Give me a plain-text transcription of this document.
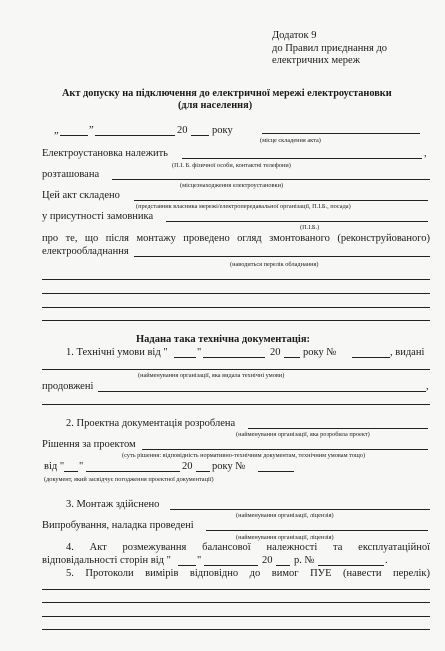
Додаток 9
до Правил приєднання до
електричних мереж
Акт допуску на підключення до електричної мережі електроустановки
(для населення)
„	”	20 року
(місце складення акта)
Електроустановка належить	,
(П.І. Б. фізичної особи, контактні телефони)
розташована
(місцезнаходження електроустановки)
Цей акт складено
(представник власника мережі/електропередавальної організації, П.І.Б., посада)
у присутності замовника
(П.І.Б.)
про те, що після монтажу проведено огляд змонтованого (реконструйованого)
електрообладнання
(наводиться перелік обладнання)
Надана така технічна документація:
1. Технічні умови від "	"	20 року №	, видані
(найменування організації, яка видала технічні умови)
продовжені	,
2. Проектна документація розроблена
(найменування організації, яка розробила проект)
Рішення за проектом
(суть рішення: відповідність нормативно-технічним документам, технічним умовам тощо)
від " "	20 року №
(документ, який засвідчує погодження проектної документації)
3. Монтаж здійснено
(найменування організації, ліцензія)
Випробування, наладка проведені
(найменування організації, ліцензія)
4. Акт розмежування балансової належності та експлуатаційної
відповідальності сторін від " "	20 р. №	.
5. Протоколи вимірів відповідно до вимог ПУЕ (навести перелік)
